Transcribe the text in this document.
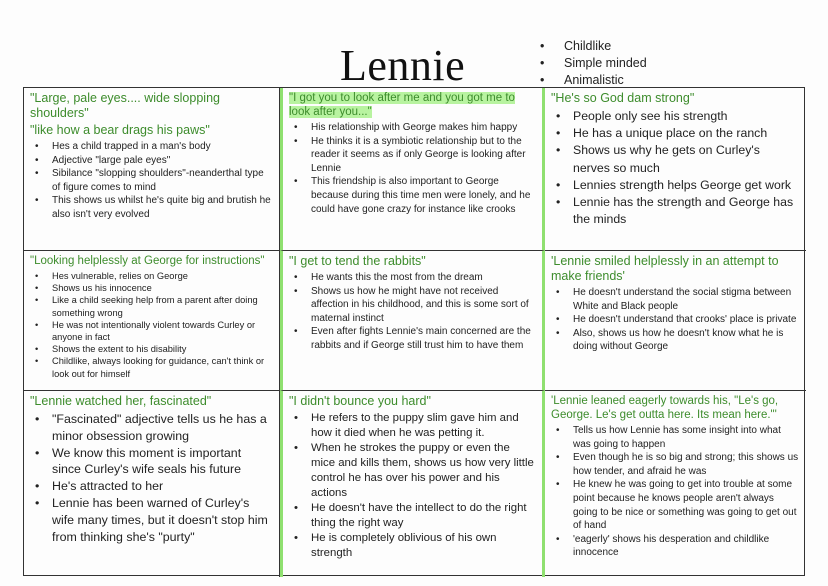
Lennie
•	Childlike
• Simple minded
• Animalistic
"Large, pale eyes.... wide slopping shoulders"
"like how a bear drags his paws"
• Hes a child trapped in a man's body
• Adjective "large pale eyes"
• Sibilance "slopping shoulders"-neanderthal type of figure comes to mind
• This shows us whilst he's quite big and brutish he also isn't very evolved
"I got you to look after me and you got me to look after you..."
• His relationship with George makes him happy
• He thinks it is a symbiotic relationship but to the reader it seems as if only George is looking after Lennie
• This friendship is also important to George because during this time men were lonely, and he could have gone crazy for instance like crooks
"He's so God dam strong"
• People only see his strength
• He has a unique place on the ranch
• Shows us why he gets on Curley's nerves so much
• Lennies strength helps George get work
• Lennie has the strength and George has the minds
"Looking helplessly at George for instructions"
• Hes vulnerable, relies on George
• Shows us his innocence
• Like a child seeking help from a parent after doing something wrong
• He was not intentionally violent towards Curley or anyone in fact
• Shows the extent to his disability
• Childlike, always looking for guidance, can't think or look out for himself
"I get to tend the rabbits"
• He wants this the most from the dream
• Shows us how he might have not received affection in his childhood, and this is some sort of maternal instinct
• Even after fights Lennie's main concerned are the rabbits and if George still trust him to have them
'Lennie smiled helplessly in an attempt to make friends'
• He doesn't understand the social stigma between White and Black people
• He doesn't understand that crooks' place is private
• Also, shows us how he doesn't know what he is doing without George
"Lennie watched her, fascinated"
• "Fascinated" adjective tells us he has a minor obsession growing
• We know this moment is important since Curley's wife seals his future
• He's attracted to her
• Lennie has been warned of Curley's wife many times, but it doesn't stop him from thinking she's "purty"
"I didn't bounce you hard"
• He refers to the puppy slim gave him and how it died when he was petting it.
• When he strokes the puppy or even the mice and kills them, shows us how very little control he has over his power and his actions
• He doesn't have the intellect to do the right thing the right way
• He is completely oblivious of his own strength
'Lennie leaned eagerly towards his, "Le's go, George. Le's get outta here. Its mean here."'
• Tells us how Lennie has some insight into what was going to happen
• Even though he is so big and strong; this shows us how tender, and afraid he was
• He knew he was going to get into trouble at some point because he knows people aren't always going to be nice or something was going to get out of hand
• 'eagerly' shows his desperation and childlike innocence
